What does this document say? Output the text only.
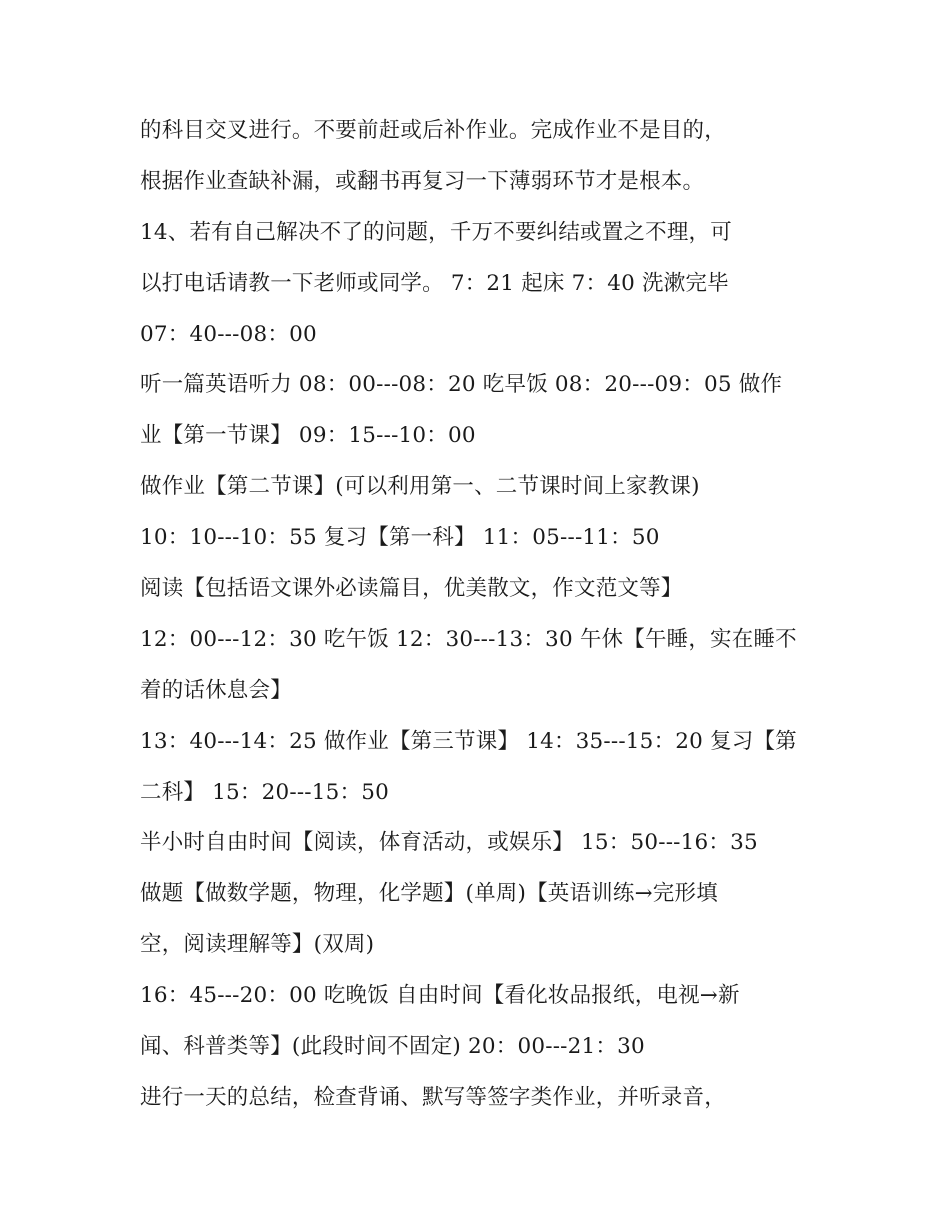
的科目交叉进行。不要前赶或后补作业。完成作业不是目的，
根据作业查缺补漏，或翻书再复习一下薄弱环节才是根本。
14、若有自己解决不了的问题，千万不要纠结或置之不理，可
以打电话请教一下老师或同学。 7：21 起床 7：40 洗漱完毕
07：40---08：00
听一篇英语听力 08：00---08：20 吃早饭 08：20---09：05 做作
业【第一节课】 09：15---10：00
做作业【第二节课】(可以利用第一、二节课时间上家教课)
10：10---10：55 复习【第一科】 11：05---11：50
阅读【包括语文课外必读篇目，优美散文，作文范文等】
12：00---12：30 吃午饭 12：30---13：30 午休【午睡，实在睡不
着的话休息会】
13：40---14：25 做作业【第三节课】 14：35---15：20 复习【第
二科】 15：20---15：50
半小时自由时间【阅读，体育活动，或娱乐】 15：50---16：35
做题【做数学题，物理，化学题】(单周)【英语训练→完形填
空，阅读理解等】(双周)
16：45---20：00 吃晚饭 自由时间【看化妆品报纸，电视→新
闻、科普类等】(此段时间不固定) 20：00---21：30
进行一天的总结，检查背诵、默写等签字类作业，并听录音，
